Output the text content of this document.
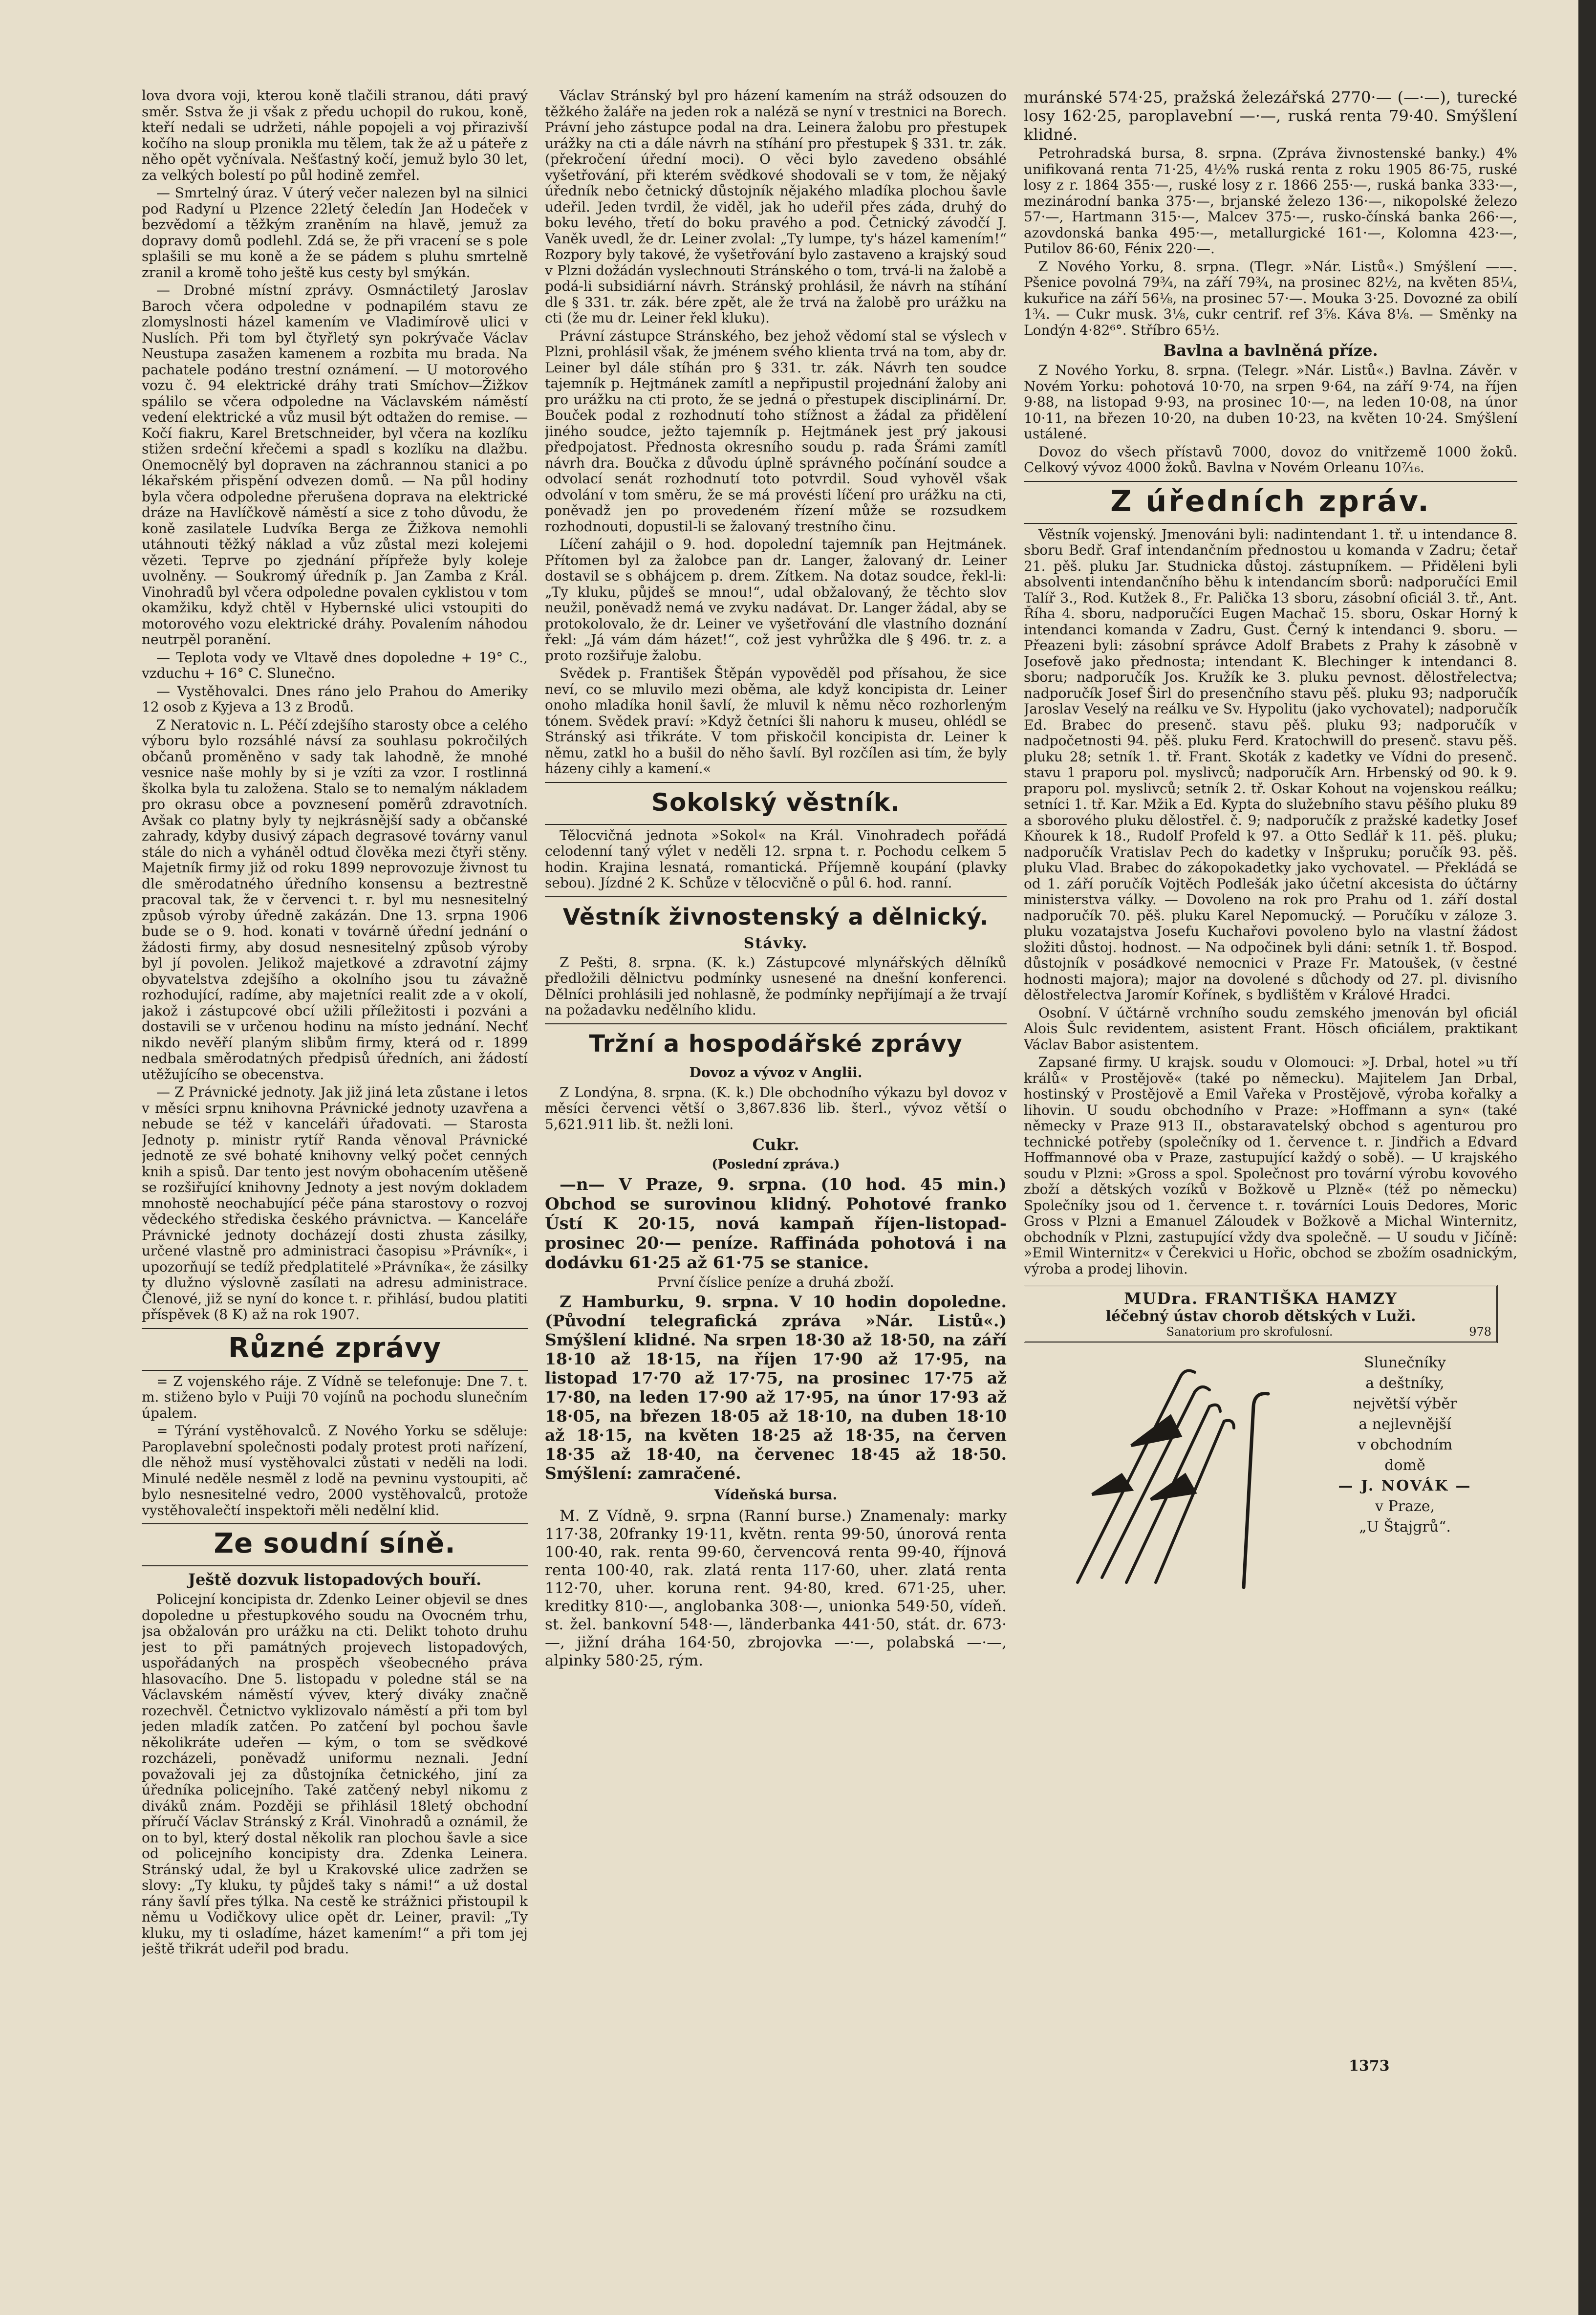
lova dvora voji, kterou koně tlačili stranou, dáti pravý směr. Sstva že ji však z předu uchopil do rukou, koně, kteří nedali se udržeti, náhle popojeli a voj přirazivší kočího na sloup pronikla mu tělem, tak že až u páteře z něho opět vyčnívala. Nešťastný kočí, jemuž bylo 30 let, za velkých bolestí po půl hodině zemřel.

— Smrtelný úraz. V úterý večer nalezen byl na silnici pod Radyní u Plzence 22letý čeledín Jan Hodeček v bezvědomí a těžkým zraněním na hlavě, jemuž za dopravy domů podlehl. Zdá se, že při vracení se s pole splašili se mu koně a že se pádem s pluhu smrtelně zranil a kromě toho ještě kus cesty byl smýkán.

— Drobné místní zprávy. Osmnáctiletý Jaroslav Baroch včera odpoledne v podnapilém stavu ze zlomyslnosti házel kamením ve Vladimírově ulici v Nuslích. Při tom byl čtyřletý syn pokrývače Václav Neustupa zasažen kamenem a rozbita mu brada. Na pachatele podáno trestní oznámení. — U motorového vozu č. 94 elektrické dráhy trati Smíchov—Žižkov spálilo se včera odpoledne na Václavském náměstí vedení elektrické a vůz musil být odtažen do remise. — Kočí fiakru, Karel Bretschneider, byl včera na kozlíku stižen srdeční křečemi a spadl s kozlíku na dlažbu. Onemocnělý byl dopraven na záchrannou stanici a po lékařském přispění odvezen domů. — Na půl hodiny byla včera odpoledne přerušena doprava na elektrické dráze na Havlíčkově náměstí a sice z toho důvodu, že koně zasilatele Ludvíka Berga ze Žižkova nemohli utáhnouti těžký náklad a vůz zůstal mezi kolejemi vězeti. Teprve po zjednání přípřeže byly koleje uvolněny. — Soukromý úředník p. Jan Zamba z Král. Vinohradů byl včera odpoledne povalen cyklistou v tom okamžiku, když chtěl v Hybernské ulici vstoupiti do motorového vozu elektrické dráhy. Povalením náhodou neutrpěl poranění.

— Teplota vody ve Vltavě dnes dopoledne + 19° C., vzduchu + 16° C. Slunečno.

— Vystěhovalci. Dnes ráno jelo Prahou do Ameriky 12 osob z Kyjeva a 13 z Brodů.

Z Neratovic n. L. Péčí zdejšího starosty obce a celého výboru bylo rozsáhlé návsí za souhlasu pokročilých občanů proměněno v sady tak lahodně, že mnohé vesnice naše mohly by si je vzíti za vzor. I rostlinná školka byla tu založena. Stalo se to nemalým nákladem pro okrasu obce a povznesení poměrů zdravotních. Avšak co platny byly ty nejkrásnější sady a občanské zahrady, kdyby dusivý zápach degrasové továrny vanul stále do nich a vyháněl odtud člověka mezi čtyři stěny. Majetník firmy již od roku 1899 neprovozuje živnost tu dle směrodatného úředního konsensu a beztrestně pracoval tak, že v červenci t. r. byl mu nesnesitelný způsob výroby úředně zakázán. Dne 13. srpna 1906 bude se o 9. hod. konati v továrně úřední jednání o žádosti firmy, aby dosud nesnesitelný způsob výroby byl jí povolen. Jelikož majetkové a zdravotní zájmy obyvatelstva zdejšího a okolního jsou tu závažně rozhodující, radíme, aby majetníci realit zde a v okolí, jakož i zástupcové obcí užili příležitosti i pozváni a dostavili se v určenou hodinu na místo jednání. Nechť nikdo nevěří planým slibům firmy, která od r. 1899 nedbala směrodatných předpisů úředních, ani žádostí utěžujícího se obecenstva.

— Z Právnické jednoty. Jak již jiná leta zůstane i letos v měsíci srpnu knihovna Právnické jednoty uzavřena a nebude se též v kanceláři úřadovati. — Starosta Jednoty p. ministr rytíř Randa věnoval Právnické jednotě ze své bohaté knihovny velký počet cenných knih a spisů. Dar tento jest novým obohacením utěšeně se rozšiřující knihovny Jednoty a jest novým dokladem mnohostě neochabující péče pána starostovy o rozvoj vědeckého střediska českého právnictva. — Kanceláře Právnické jednoty docházejí dosti zhusta zásilky, určené vlastně pro administraci časopisu »Právník«, i upozorňují se tedíž předplatitelé »Právníka«, že zásilky ty dlužno výslovně zasílati na adresu administrace. Členové, již se nyní do konce t. r. přihlásí, budou platiti příspěvek (8 K) až na rok 1907.

Různé zprávy

= Z vojenského ráje. Z Vídně se telefonuje: Dne 7. t. m. stiženo bylo v Puiji 70 vojínů na pochodu slunečním úpalem.

= Týrání vystěhovalců. Z Nového Yorku se sděluje: Paroplavební společnosti podaly protest proti nařízení, dle něhož musí vystěhovalci zůstati v neděli na lodi. Minulé neděle nesměl z lodě na pevninu vystoupiti, ač bylo nesnesitelné vedro, 2000 vystěhovalců, protože vystěhovalečtí inspektoři měli nedělní klid.

Ze soudní síně.
Ještě dozvuk listopadových bouří.

Policejní koncipista dr. Zdenko Leiner objevil se dnes dopoledne u přestupkového soudu na Ovocném trhu, jsa obžalován pro urážku na cti. Delikt tohoto druhu jest to při památných projevech listopadových, uspořádaných na prospěch všeobecného práva hlasovacího. Dne 5. listopadu v poledne stál se na Václavském náměstí vývev, který diváky značně rozechvěl. Četnictvo vyklizovalo náměstí a při tom byl jeden mladík zatčen. Po zatčení byl pochou šavle několikráte udeřen — kým, o tom se svědkové rozcházeli, poněvadž uniformu neznali. Jední považovali jej za důstojníka četnického, jiní za úředníka policejního. Také zatčený nebyl nikomu z diváků znám. Později se přihlásil 18letý obchodní příručí Václav Stránský z Král. Vinohradů a oznámil, že on to byl, který dostal několik ran plochou šavle a sice od policejního koncipisty dra. Zdenka Leinera. Stránský udal, že byl u Krakovské ulice zadržen se slovy: „Ty kluku, ty půjdeš taky s námi!“ a už dostal rány šavlí přes týlka. Na cestě ke strážnici přistoupil k němu u Vodičkovy ulice opět dr. Leiner, pravil: „Ty kluku, my ti osladíme, házet kamením!“ a při tom jej ještě třikrát udeřil pod bradu.

Václav Stránský byl pro házení kamením na stráž odsouzen do těžkého žaláře na jeden rok a naléză se nyní v trestnici na Borech. Právní jeho zástupce podal na dra. Leinera žalobu pro přestupek urážky na cti a dále návrh na stíhání pro přestupek § 331. tr. zák. (překročení úřední moci). O věci bylo zavedeno obsáhlé vyšetřování, při kterém svědkové shodovali se v tom, že nějaký úředník nebo četnický důstojník nějakého mladíka plochou šavle udeřil. Jeden tvrdil, že viděl, jak ho udeřil přes záda, druhý do boku levého, třetí do boku pravého a pod. Četnický závodčí J. Vaněk uvedl, že dr. Leiner zvolal: „Ty lumpe, ty's házel kamením!“ Rozpory byly takové, že vyšetřování bylo zastaveno a krajský soud v Plzni dožádán vyslechnouti Stránského o tom, trvá-li na žalobě a podá-li subsidiární návrh. Stránský prohlásil, že návrh na stíhání dle § 331. tr. zák. bére zpět, ale že trvá na žalobě pro urážku na cti (že mu dr. Leiner řekl kluku).

Právní zástupce Stránského, bez jehož vědomí stal se výslech v Plzni, prohlásil však, že jménem svého klienta trvá na tom, aby dr. Leiner byl dále stíhán pro § 331. tr. zák. Návrh ten soudce tajemník p. Hejtmánek zamítl a nepřipustil projednání žaloby ani pro urážku na cti proto, že se jedná o přestupek disciplinární. Dr. Bouček podal z rozhodnutí toho stížnost a žádal za přidělení jiného soudce, ježto tajemník p. Hejtmánek jest prý jakousi předpojatost. Přednosta okresního soudu p. rada Šrámi zamítl návrh dra. Boučka z důvodu úplně správného počínání soudce a odvolací senát rozhodnutí toto potvrdil. Soud vyhověl však odvolání v tom směru, že se má provésti líčení pro urážku na cti, poněvadž jen po provedeném řízení může se rozsudkem rozhodnouti, dopustil-li se žalovaný trestního činu.

Líčení zahájil o 9. hod. dopolední tajemník pan Hejtmánek. Přítomen byl za žalobce pan dr. Langer, žalovaný dr. Leiner dostavil se s obhájcem p. drem. Zítkem. Na dotaz soudce, řekl-li: „Ty kluku, půjdeš se mnou!“, udal obžalovaný, že těchto slov neužil, poněvadž nemá ve zvyku nadávat. Dr. Langer žádal, aby se protokolovalo, že dr. Leiner ve vyšetřování dle vlastního doznání řekl: „Já vám dám házet!“, což jest vyhrůžka dle § 496. tr. z. a proto rozšiřuje žalobu.

Svědek p. František Štěpán vypověděl pod přísahou, že sice neví, co se mluvilo mezi oběma, ale když koncipista dr. Leiner onoho mladíka honil šavlí, že mluvil k němu něco rozhorleným tónem. Svědek praví: »Když četníci šli nahoru k museu, ohlédl se Stránský asi třikráte. V tom přiskočil koncipista dr. Leiner k němu, zatkl ho a bušil do něho šavlí. Byl rozčílen asi tím, že byly házeny cihly a kamení.«

Sokolský věstník.

Tělocvičná jednota »Sokol« na Král. Vinohradech pořádá celodenní taný výlet v neděli 12. srpna t. r. Pochodu celkem 5 hodin. Krajina lesnatá, romantická. Příjemně koupání (plavky sebou). Jízdné 2 K. Schůze v tělocvičně o půl 6. hod. ranní.

Věstník živnostenský a dělnický.
Stávky.

Z Pešti, 8. srpna. (K. k.) Zástupcové mlynářských dělníků předložili dělnictvu podmínky usnesené na dnešní konferenci. Dělníci prohlásili jed nohlasně, že podmínky nepřijímají a že trvají na požadavku nedělního klidu.

Tržní a hospodářské zprávy
Dovoz a vývoz v Anglii.

Z Londýna, 8. srpna. (K. k.) Dle obchodního výkazu byl dovoz v měsíci červenci větší o 3,867.836 lib. šterl., vývoz větší o 5,621.911 lib. št. nežli loni.

Cukr.
(Poslední zpráva.)

—n— V Praze, 9. srpna. (10 hod. 45 min.) Obchod se surovinou klidný. Pohotové franko Ústí K 20·15, nová kampaň říjen-listopad-prosinec 20·— peníze. Raffináda pohotová i na dodávku 61·25 až 61·75 se stanice.

První číslice peníze a druhá zboží.

Z Hamburku, 9. srpna. V 10 hodin dopoledne. (Původní telegrafická zpráva »Nár. Listů«.) Smýšlení klidné. Na srpen 18·30 až 18·50, na září 18·10 až 18·15, na říjen 17·90 až 17·95, na listopad 17·70 až 17·75, na prosinec 17·75 až 17·80, na leden 17·90 až 17·95, na únor 17·93 až 18·05, na březen 18·05 až 18·10, na duben 18·10 až 18·15, na květen 18·25 až 18·35, na červen 18·35 až 18·40, na červenec 18·45 až 18·50. Smýšlení: zamračené.

Vídeňská bursa.

M. Z Vídně, 9. srpna (Ranní burse.) Znamenaly: marky 117·38, 20franky 19·11, květn. renta 99·50, únorová renta 100·40, rak. renta 99·60, červencová renta 99·40, říjnová renta 100·40, rak. zlatá renta 117·60, uher. zlatá renta 112·70, uher. koruna rent. 94·80, kred. 671·25, uher. kreditky 810·—, anglobanka 308·—, unionka 549·50, vídeň. st. žel. bankovní 548·—, länderbanka 441·50, stát. dr. 673·—, jižní dráha 164·50, zbrojovka —·—, polabská —·—, alpinky 580·25, rým.

muránské 574·25, pražská železářská 2770·— (—·—), turecké losy 162·25, paroplavební —·—, ruská renta 79·40. Smýšlení klidné.

Petrohradská bursa, 8. srpna. (Zpráva živnostenské banky.) 4% unifikovaná renta 71·25, 4½% ruská renta z roku 1905 86·75, ruské losy z r. 1864 355·—, ruské losy z r. 1866 255·—, ruská banka 333·—, mezinárodní banka 375·—, brjanské železo 136·—, nikopolské železo 57·—, Hartmann 315·—, Malcev 375·—, rusko-čínská banka 266·—, azovdonská banka 495·—, metallurgické 161·—, Kolomna 423·—, Putilov 86·60, Fénix 220·—.

Z Nového Yorku, 8. srpna. (Tlegr. »Nár. Listů«.) Smýšlení ——. Pšenice povolná 79¾, na září 79¾, na prosinec 82½, na květen 85¼, kukuřice na září 56⅛, na prosinec 57·—. Mouka 3·25. Dovozné za obilí 1¾. — Cukr musk. 3⅛, cukr centrif. ref 3⅝. Káva 8⅛. — Směnky na Londýn 4·82⁶°. Stříbro 65½.

Bavlna a bavlněná příze.

Z Nového Yorku, 8. srpna. (Telegr. »Nár. Listů«.) Bavlna. Závěr. v Novém Yorku: pohotová 10·70, na srpen 9·64, na září 9·74, na říjen 9·88, na listopad 9·93, na prosinec 10·—, na leden 10·08, na únor 10·11, na březen 10·20, na duben 10·23, na květen 10·24. Smýšlení ustálené.

Dovoz do všech přístavů 7000, dovoz do vnitřzemě 1000 žoků. Celkový vývoz 4000 žoků. Bavlna v Novém Orleanu 10⁷⁄₁₆.

Z úředních zpráv.

Věstník vojenský. Jmenováni byli: nadintendant 1. tř. u intendance 8. sboru Bedř. Graf intendančním přednostou u komanda v Zadru; četař 21. pěš. pluku Jar. Studnicka důstoj. zástupníkem. — Přiděleni byli absolventi intendančního běhu k intendancím sborů: nadporučíci Emil Talíř 3., Rod. Kutžek 8., Fr. Palička 13 sboru, zásobní oficiál 3. tř., Ant. Říha 4. sboru, nadporučíci Eugen Machač 15. sboru, Oskar Horný k intendanci komanda v Zadru, Gust. Černý k intendanci 9. sboru. — Přeazeni byli: zásobní správce Adolf Brabets z Prahy k zásobně v Josefově jako přednosta; intendant K. Blechinger k intendanci 8. sboru; nadporučík Jos. Kružík ke 3. pluku pevnost. dělostřelectva; nadporučík Josef Širl do presenčního stavu pěš. pluku 93; nadporučík Jaroslav Veselý na reálku ve Sv. Hypolitu (jako vychovatel); nadporučík Ed. Brabec do presenč. stavu pěš. pluku 93; nadporučík v nadpočetnosti 94. pěš. pluku Ferd. Kratochwill do presenč. stavu pěš. pluku 28; setník 1. tř. Frant. Skoták z kadetky ve Vídni do presenč. stavu 1 praporu pol. myslivců; nadporučík Arn. Hrbenský od 90. k 9. praporu pol. myslivců; setník 2. tř. Oskar Kohout na vojenskou reálku; setníci 1. tř. Kar. Mžik a Ed. Kypta do služebního stavu pěšího pluku 89 a sborového pluku dělostřel. č. 9; nadporučík z pražské kadetky Josef Kňourek k 18., Rudolf Profeld k 97. a Otto Sedlář k 11. pěš. pluku; nadporučík Vratislav Pech do kadetky v Inšpruku; poručík 93. pěš. pluku Vlad. Brabec do zákopokadetky jako vychovatel. — Překládá se od 1. září poručík Vojtěch Podlešák jako účetní akcesista do účtárny ministerstva války. — Dovoleno na rok pro Prahu od 1. září dostal nadporučík 70. pěš. pluku Karel Nepomucký. — Poručíku v záloze 3. pluku vozatajstva Josefu Kuchařovi povoleno bylo na vlastní žádost složiti důstoj. hodnost. — Na odpočinek byli dáni: setník 1. tř. Bospod. důstojník v posádkové nemocnici v Praze Fr. Matoušek, (v čestné hodnosti majora); major na dovolené s důchody od 27. pl. divisního dělostřelectva Jaromír Kořínek, s bydlištěm v Králové Hradci.

Osobní. V účtárně vrchního soudu zemského jmenován byl oficiál Alois Šulc revidentem, asistent Frant. Hösch oficiálem, praktikant Václav Babor asistentem.

Zapsané firmy. U krajsk. soudu v Olomouci: »J. Drbal, hotel »u tří králů« v Prostějově« (také po německu). Majitelem Jan Drbal, hostinský v Prostějově a Emil Vařeka v Prostějově, výroba kořalky a lihovin. U soudu obchodního v Praze: »Hoffmann a syn« (také německy v Praze 913 II., obstaravatelský obchod s agenturou pro technické potřeby (společníky od 1. července t. r. Jindřich a Edvard Hoffmannové oba v Praze, zastupující každý o sobě). — U krajského soudu v Plzni: »Gross a spol. Společnost pro tovární výrobu kovového zboží a dětských vozíků v Božkově u Plzně« (též po německu) Společníky jsou od 1. července t. r. továrníci Louis Dedores, Moric Gross v Plzni a Emanuel Záloudek v Božkově a Michal Winternitz, obchodník v Plzni, zastupující vždy dva společně. — U soudu v Jičíně: »Emil Winternitz« v Čerekvici u Hořic, obchod se zbožím osadnickým, výroba a prodej lihovin.

MUDra. FRANTIŠKA HAMZY
léčebný ústav chorob dětských v Luži.
Sanatorium pro skrofulosní.	978
Slunečníky
a deštníky,
největší výběr
a nejlevnější
v obchodním
domě
— J. NOVÁK —
v Praze,
„U Štajgrů“.
1373
